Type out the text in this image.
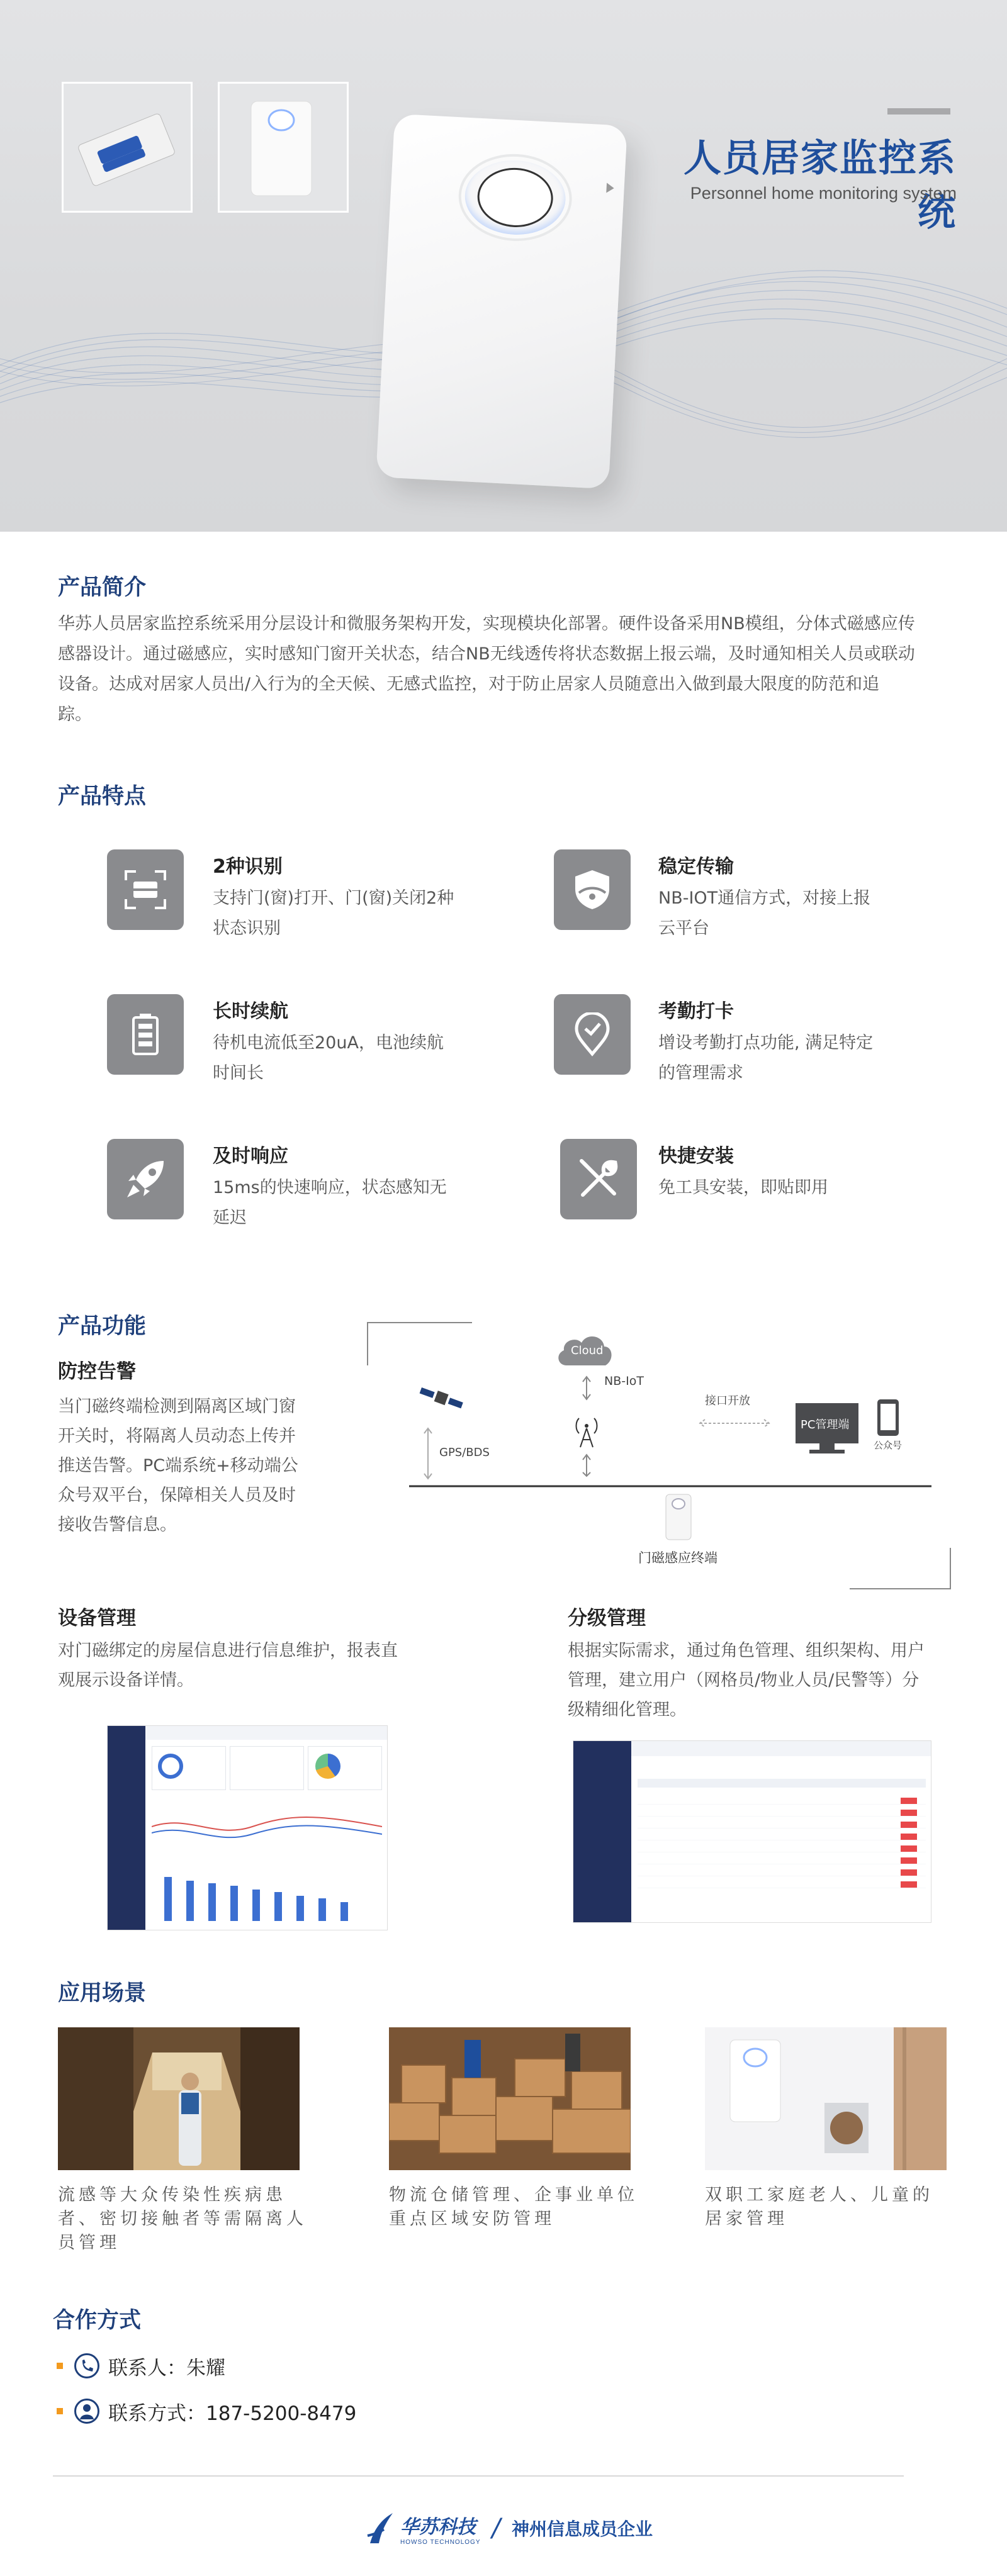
人员居家监控系统
Personnel home monitoring system
产品简介
华苏人员居家监控系统采用分层设计和微服务架构开发，实现模块化部署。硬件设备采用NB模组，分体式磁感应传
感器设计。通过磁感应，实时感知门窗开关状态，结合NB无线透传将状态数据上报云端，及时通知相关人员或联动
设备。达成对居家人员出/入行为的全天候、无感式监控，对于防止居家人员随意出入做到最大限度的防范和追
踪。
产品特点
2种识别
支持门(窗)打开、门(窗)关闭2种
状态识别
稳定传输
NB-IOT通信方式，对接上报
云平台
长时续航
待机电流低至20uA，电池续航
时间长
考勤打卡
增设考勤打点功能, 满足特定
的管理需求
及时响应
15ms的快速响应，状态感知无
延迟
快捷安装
免工具安装，即贴即用
产品功能
防控告警
当门磁终端检测到隔离区域门窗
开关时，将隔离人员动态上传并
推送告警。PC端系统+移动端公
众号双平台，保障相关人员及时
接收告警信息。
Cloud
NB-IoT
接口开放
PC管理端
公众号
GPS/BDS
门磁感应终端
设备管理
对门磁绑定的房屋信息进行信息维护，报表直
观展示设备详情。
分级管理
根据实际需求，通过角色管理、组织架构、用户
管理，建立用户（网格员/物业人员/民警等）分
级精细化管理。
应用场景
流感等大众传染性疾病患
者、密切接触者等需隔离人
员管理
物流仓储管理、企事业单位
重点区域安防管理
双职工家庭老人、儿童的
居家管理
合作方式
联系人：朱耀
联系方式：187-5200-8479
华苏科技
HOWSO TECHNOLOGY / 神州信息成员企业
